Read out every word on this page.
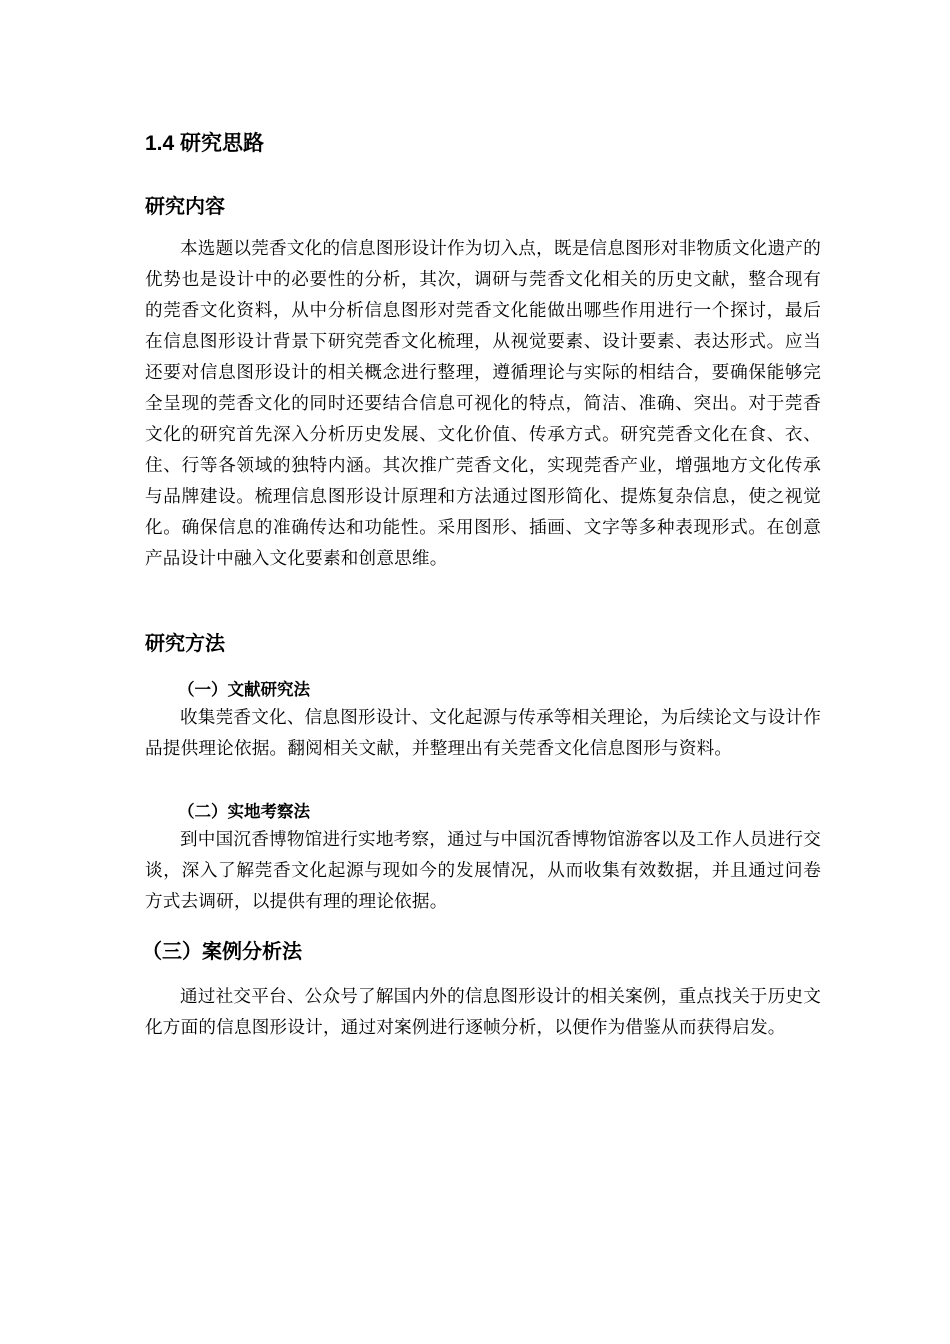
1.4 研究思路
研究内容
本选题以莞香文化的信息图形设计作为切入点，既是信息图形对非物质文化遗产的优势也是设计中的必要性的分析，其次，调研与莞香文化相关的历史文献，整合现有的莞香文化资料，从中分析信息图形对莞香文化能做出哪些作用进行一个探讨，最后在信息图形设计背景下研究莞香文化梳理，从视觉要素、设计要素、表达形式。应当还要对信息图形设计的相关概念进行整理，遵循理论与实际的相结合，要确保能够完全呈现的莞香文化的同时还要结合信息可视化的特点，简洁、准确、突出。对于莞香文化的研究首先深入分析历史发展、文化价值、传承方式。研究莞香文化在食、衣、住、行等各领域的独特内涵。其次推广莞香文化，实现莞香产业，增强地方文化传承与品牌建设。梳理信息图形设计原理和方法通过图形简化、提炼复杂信息，使之视觉化。确保信息的准确传达和功能性。采用图形、插画、文字等多种表现形式。在创意产品设计中融入文化要素和创意思维。
研究方法
（一）文献研究法
收集莞香文化、信息图形设计、文化起源与传承等相关理论，为后续论文与设计作品提供理论依据。翻阅相关文献，并整理出有关莞香文化信息图形与资料。
（二）实地考察法
到中国沉香博物馆进行实地考察，通过与中国沉香博物馆游客以及工作人员进行交谈，深入了解莞香文化起源与现如今的发展情况，从而收集有效数据，并且通过问卷方式去调研，以提供有理的理论依据。
（三）案例分析法
通过社交平台、公众号了解国内外的信息图形设计的相关案例，重点找关于历史文化方面的信息图形设计，通过对案例进行逐帧分析，以便作为借鉴从而获得启发。
